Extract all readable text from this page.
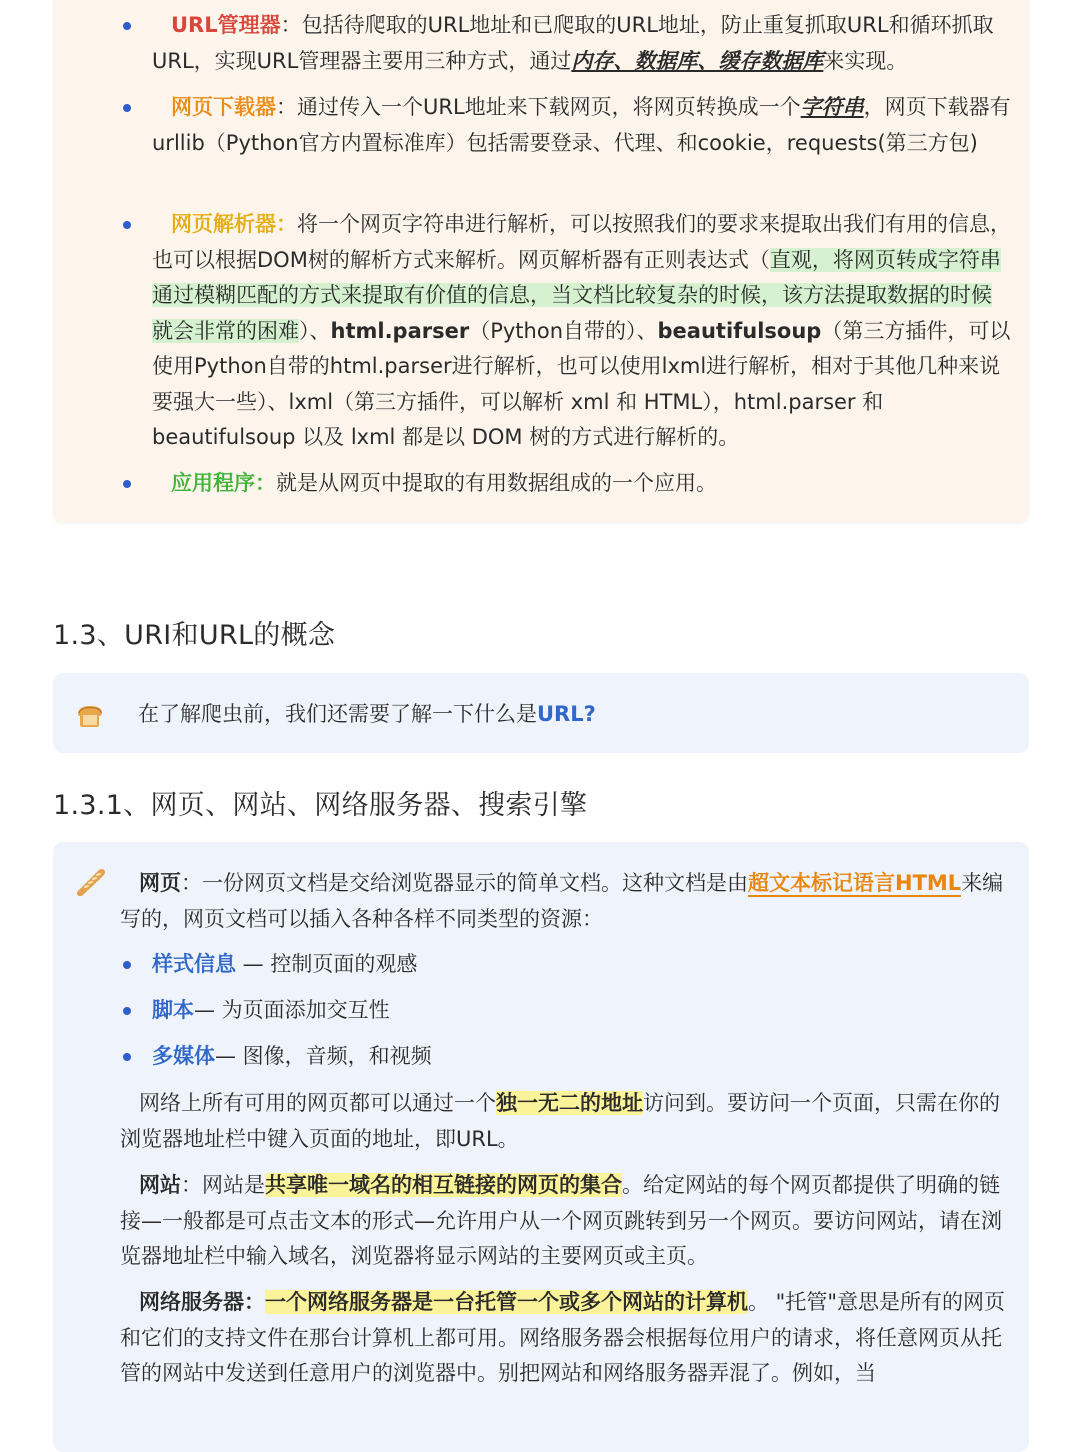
URL管理器：包括待爬取的URL地址和已爬取的URL地址，防止重复抓取URL和循环抓取URL，实现URL管理器主要用三种方式，通过内存、数据库、缓存数据库来实现。
网页下载器：通过传入一个URL地址来下载网页，将网页转换成一个字符串，网页下载器有urllib（Python官方内置标准库）包括需要登录、代理、和cookie，requests(第三方包)
网页解析器：将一个网页字符串进行解析，可以按照我们的要求来提取出我们有用的信息，也可以根据DOM树的解析方式来解析。网页解析器有正则表达式（直观，将网页转成字符串通过模糊匹配的方式来提取有价值的信息，当文档比较复杂的时候，该方法提取数据的时候就会非常的困难）、html.parser（Python自带的）、beautifulsoup（第三方插件，可以使用Python自带的html.parser进行解析，也可以使用lxml进行解析，相对于其他几种来说要强大一些）、lxml（第三方插件，可以解析 xml 和 HTML），html.parser 和 beautifulsoup 以及 lxml 都是以 DOM 树的方式进行解析的。
应用程序：就是从网页中提取的有用数据组成的一个应用。
1.3、URI和URL的概念
在了解爬虫前，我们还需要了解一下什么是URL?
1.3.1、网页、网站、网络服务器、搜索引擎
网页：一份网页文档是交给浏览器显示的简单文档。这种文档是由超文本标记语言HTML来编写的，网页文档可以插入各种各样不同类型的资源：
样式信息 — 控制页面的观感
脚本— 为页面添加交互性
多媒体— 图像，音频，和视频
网络上所有可用的网页都可以通过一个独一无二的地址访问到。要访问一个页面，只需在你的浏览器地址栏中键入页面的地址，即URL。
网站：网站是共享唯一域名的相互链接的网页的集合。给定网站的每个网页都提供了明确的链接—一般都是可点击文本的形式—允许用户从一个网页跳转到另一个网页。要访问网站，请在浏览器地址栏中输入域名，浏览器将显示网站的主要网页或主页。
网络服务器：一个网络服务器是一台托管一个或多个网站的计算机。 "托管"意思是所有的网页和它们的支持文件在那台计算机上都可用。网络服务器会根据每位用户的请求，将任意网页从托管的网站中发送到任意用户的浏览器中。别把网站和网络服务器弄混了。例如，当
